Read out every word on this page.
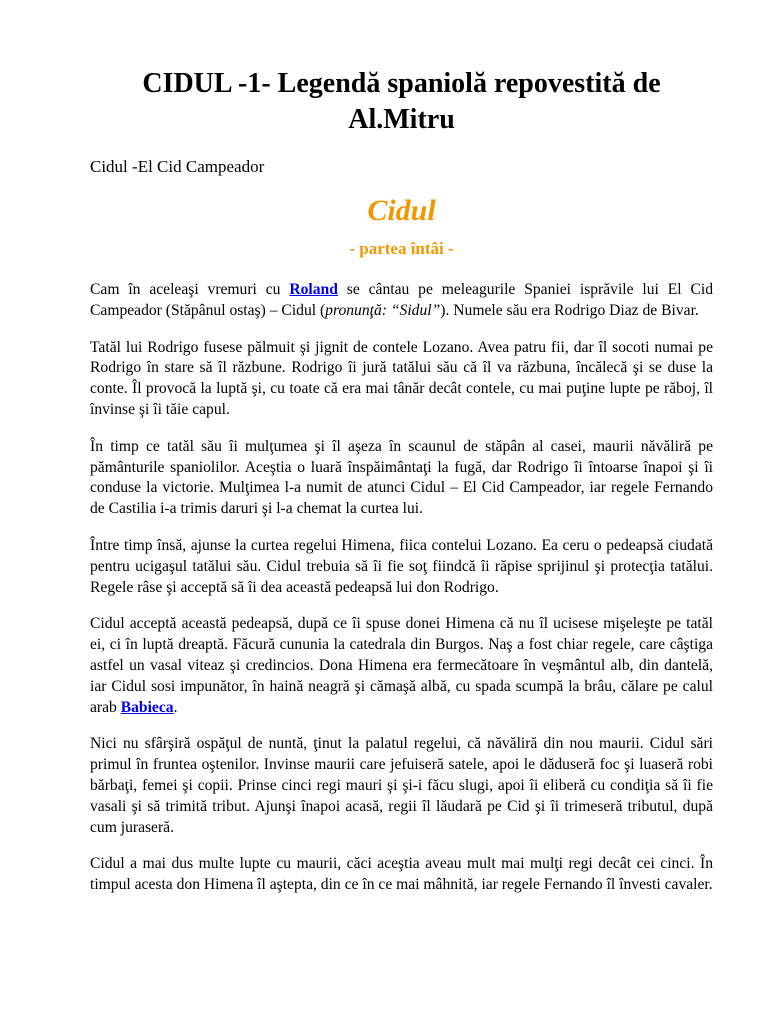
CIDUL -1- Legendă spaniolă repovestită de Al.Mitru

Cidul -El Cid Campeador

Cidul

- partea întâi -

Cam în aceleaşi vremuri cu Roland se cântau pe meleagurile Spaniei isprăvile lui El Cid Campeador (Stăpânul ostaş) – Cidul (pronunţă: “Sidul”). Numele său era Rodrigo Diaz de Bivar.

Tatăl lui Rodrigo fusese pălmuit şi jignit de contele Lozano. Avea patru fii, dar îl socoti numai pe Rodrigo în stare să îl răzbune. Rodrigo îi jură tatălui său că îl va răzbuna, încălecă şi se duse la conte. Îl provocă la luptă şi, cu toate că era mai tânăr decât contele, cu mai puţine lupte pe răboj, îl învinse şi îi tăie capul.

În timp ce tatăl său îi mulţumea şi îl aşeza în scaunul de stăpân al casei, maurii năvăliră pe pământurile spaniolilor. Aceştia o luară înspăimântaţi la fugă, dar Rodrigo îi întoarse înapoi şi îi conduse la victorie. Mulţimea l-a numit de atunci Cidul – El Cid Campeador, iar regele Fernando de Castilia i-a trimis daruri şi l-a chemat la curtea lui.

Între timp însă, ajunse la curtea regelui Himena, fiica contelui Lozano. Ea ceru o pedeapsă ciudată pentru ucigaşul tatălui său. Cidul trebuia să îi fie soţ fiindcă îi răpise sprijinul şi protecţia tatălui. Regele râse şi acceptă să îi dea această pedeapsă lui don Rodrigo.

Cidul acceptă această pedeapsă, după ce îi spuse donei Himena că nu îl ucisese mişeleşte pe tatăl ei, ci în luptă dreaptă. Făcură cununia la catedrala din Burgos. Naş a fost chiar regele, care câştiga astfel un vasal viteaz şi credincios. Dona Himena era fermecătoare în veşmântul alb, din dantelă, iar Cidul sosi impunător, în haină neagră şi cămaşă albă, cu spada scumpă la brâu, călare pe calul arab Babieca.

Nici nu sfârşiră ospăţul de nuntă, ţinut la palatul regelui, că năvăliră din nou maurii. Cidul sări primul în fruntea oştenilor. Invinse maurii care jefuiseră satele, apoi le dăduseră foc şi luaseră robi bărbaţi, femei şi copii. Prinse cinci regi mauri şi şi-i făcu slugi, apoi îi eliberă cu condiţia să îi fie vasali şi să trimită tribut. Ajunşi înapoi acasă, regii îl lăudară pe Cid şi îi trimeseră tributul, după cum juraseră.

Cidul a mai dus multe lupte cu maurii, căci aceştia aveau mult mai mulţi regi decât cei cinci. În timpul acesta don Himena îl aştepta, din ce în ce mai mâhnită, iar regele Fernando îl învesti cavaler.
